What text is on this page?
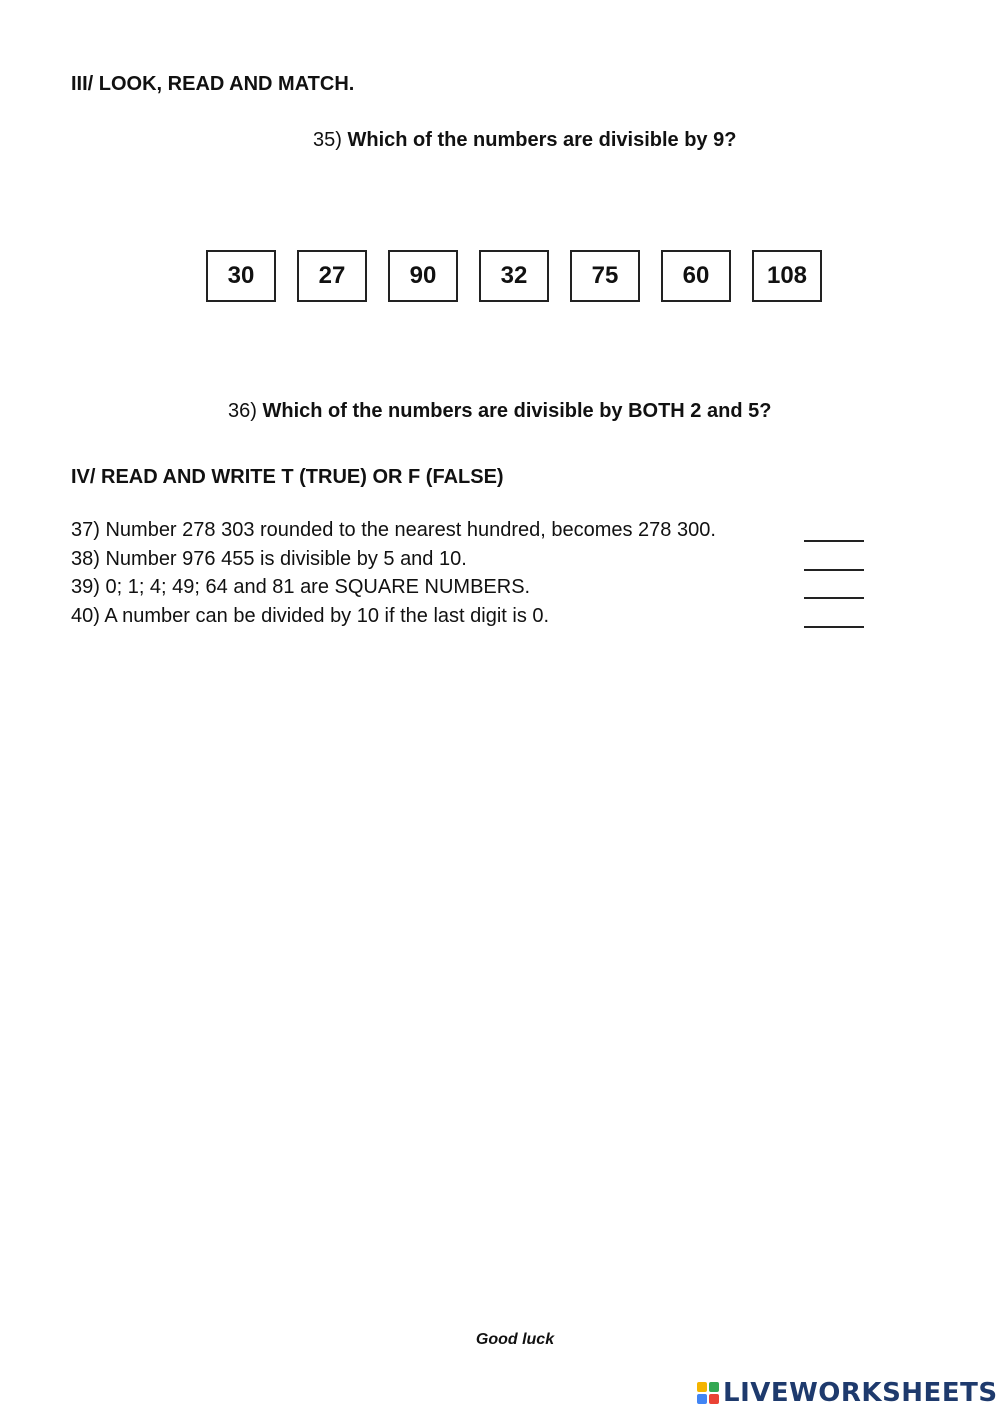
III/ LOOK, READ AND MATCH.
35) Which of the numbers are divisible by 9?
30	27	90	32	75	60	108
36) Which of the numbers are divisible by BOTH 2 and 5?
IV/ READ AND WRITE T (TRUE) OR F (FALSE)
37) Number 278 303 rounded to the nearest hundred, becomes 278 300.
38) Number 976 455 is divisible by 5 and 10.
39) 0; 1; 4; 49; 64 and 81 are SQUARE NUMBERS.
40) A number can be divided by 10 if the last digit is 0.
Good luck
LIVEWORKSHEETS
